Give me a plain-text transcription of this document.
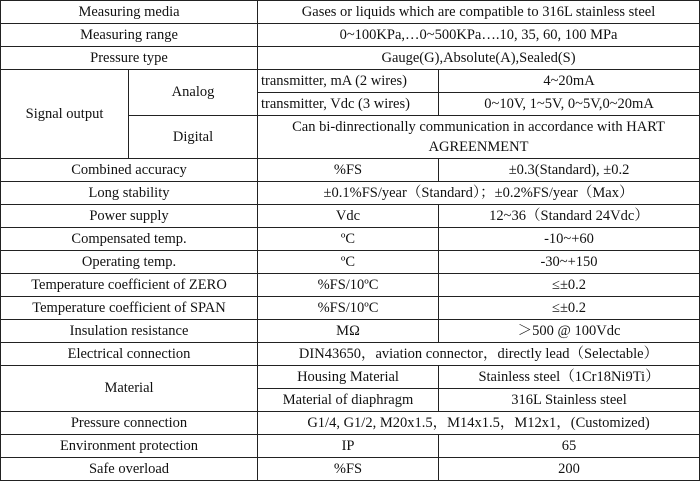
Measuring media		Gases or liquids which are compatible to 316L stainless steel	
Measuring range		0~100KPa,…0~500KPa….10, 35, 60, 100 MPa	
Pressure type		Gauge(G),Absolute(A),Sealed(S)	
Signal output	Analog	transmitter, mA (2 wires)	4~20mA
		transmitter, Vdc (3 wires)	0~10V, 1~5V, 0~5V,0~20mA
	Digital	Can bi-dinrectionally communication in accordance with HART AGREENMENT	
Combined accuracy		%FS	±0.3(Standard), ±0.2
Long stability		±0.1%FS/year（Standard）；±0.2%FS/year（Max）	
Power supply		Vdc	12~36（Standard 24Vdc）
Compensated temp.		ºC	-10~+60
Operating temp.		ºC	-30~+150
Temperature coefficient of ZERO		%FS/10ºC	≤±0.2
Temperature coefficient of SPAN		%FS/10ºC	≤±0.2
Insulation resistance		MΩ	＞500 @ 100Vdc
Electrical connection		DIN43650，aviation connector，directly lead（Selectable）	
Material		Housing Material	Stainless steel（1Cr18Ni9Ti）
		Material of diaphragm	316L Stainless steel
Pressure connection		G1/4, G1/2, M20x1.5，M14x1.5，M12x1，(Customized)	
Environment protection		IP	65
Safe overload		%FS	200
